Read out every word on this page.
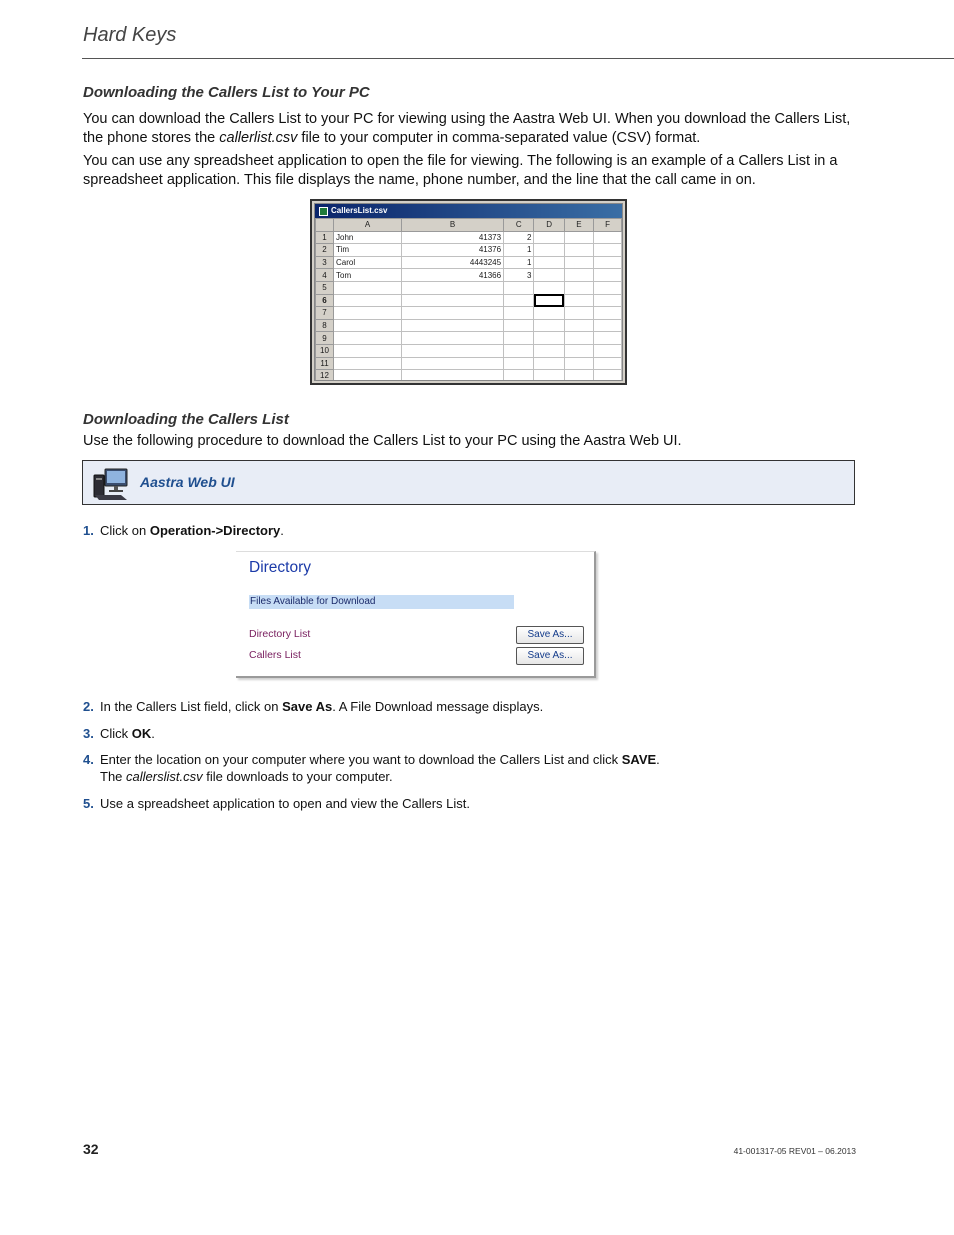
Hard Keys
Downloading the Callers List to Your PC
You can download the Callers List to your PC for viewing using the Aastra Web UI. When you download the Callers List,
the phone stores the callerlist.csv file to your computer in comma-separated value (CSV) format.
You can use any spreadsheet application to open the file for viewing. The following is an example of a Callers List in a
spreadsheet application. This file displays the name, phone number, and the line that the call came in on.
CallersList.csv
	A	B	C	D	E	F
1	John	41373	2			
2	Tim	41376	1			
3	Carol	4443245	1			
4	Tom	41366	3			
5						
6						
7						
8						
9						
10						
11						
12						
Downloading the Callers List
Use the following procedure to download the Callers List to your PC using the Aastra Web UI.
Aastra Web UI
1. Click on Operation->Directory.
Directory
Files Available for Download
Directory List	Save As...
Callers List	Save As...
2. In the Callers List field, click on Save As. A File Download message displays.
3. Click OK.
4. Enter the location on your computer where you want to download the Callers List and click SAVE.
The callerslist.csv file downloads to your computer.
5. Use a spreadsheet application to open and view the Callers List.
32	41-001317-05 REV01 – 06.2013
